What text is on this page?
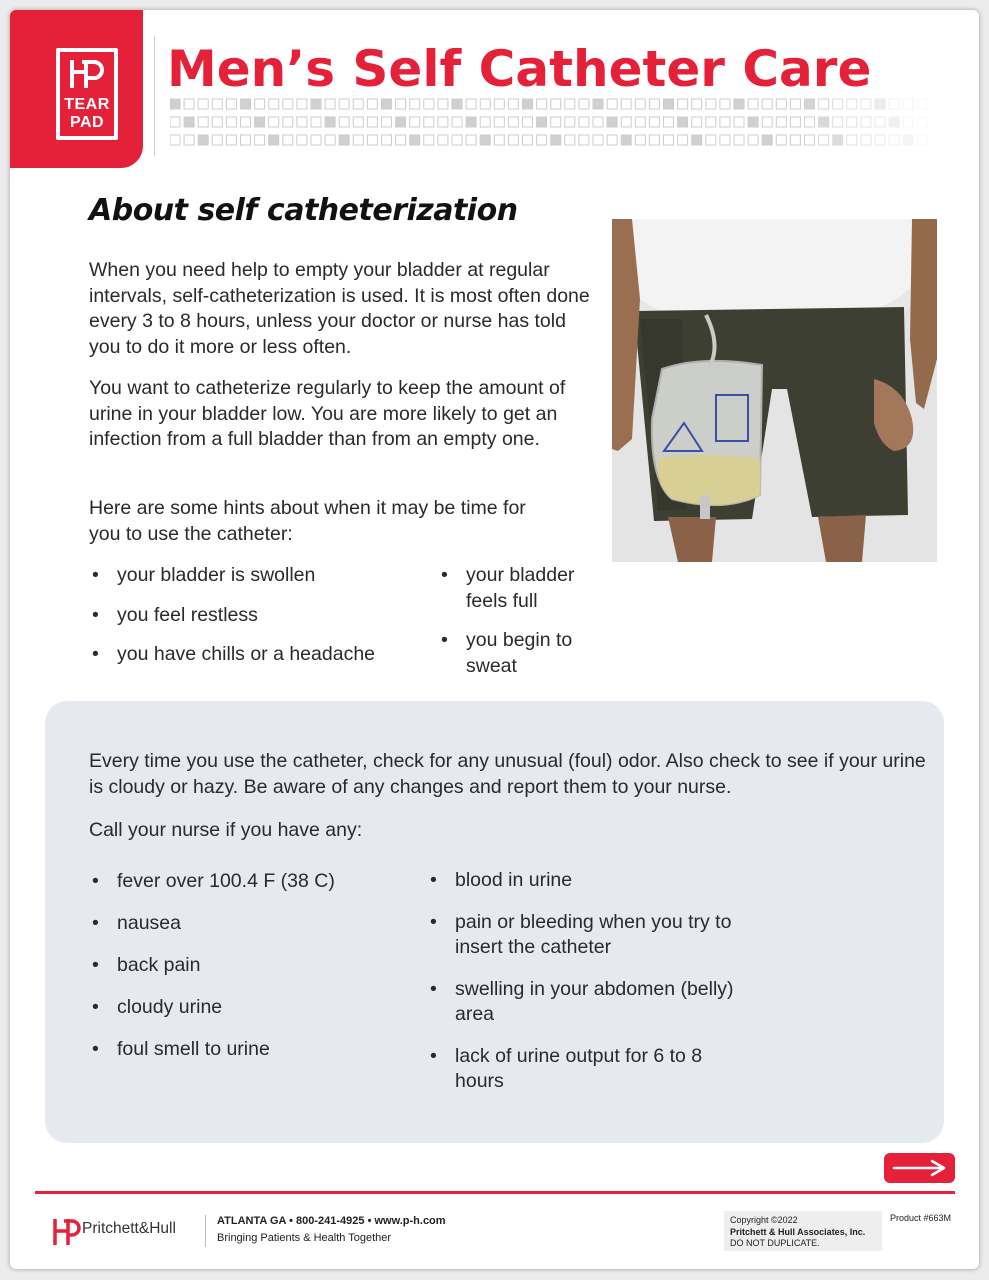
TEAR
PAD
Men’s Self Catheter Care
About self catheterization

When you need help to empty your bladder at regular intervals, self-catheterization is used. It is most often done every 3 to 8 hours, unless your doctor or nurse has told you to do it more or less often.

You want to catheterize regularly to keep the amount of urine in your bladder low. You are more likely to get an infection from a full bladder than from an empty one.

Here are some hints about when it may be time for you to use the catheter:

• your bladder is swollen
• you feel restless
• you have chills or a headache
• your bladder feels full
• you begin to sweat

Every time you use the catheter, check for any unusual (foul) odor. Also check to see if your urine is cloudy or hazy. Be aware of any changes and report them to your nurse.

Call your nurse if you have any:

• fever over 100.4 F (38 C)
• nausea
• back pain
• cloudy urine
• foul smell to urine
• blood in urine
• pain or bleeding when you try to insert the catheter
• swelling in your abdomen (belly) area
• lack of urine output for 6 to 8 hours
Pritchett&Hull	ATLANTA GA • 800-241-4925 • www.p-h.com
Bringing Patients & Health Together
Copyright ©2022
Pritchett & Hull Associates, Inc.
DO NOT DUPLICATE.
Product #663M
